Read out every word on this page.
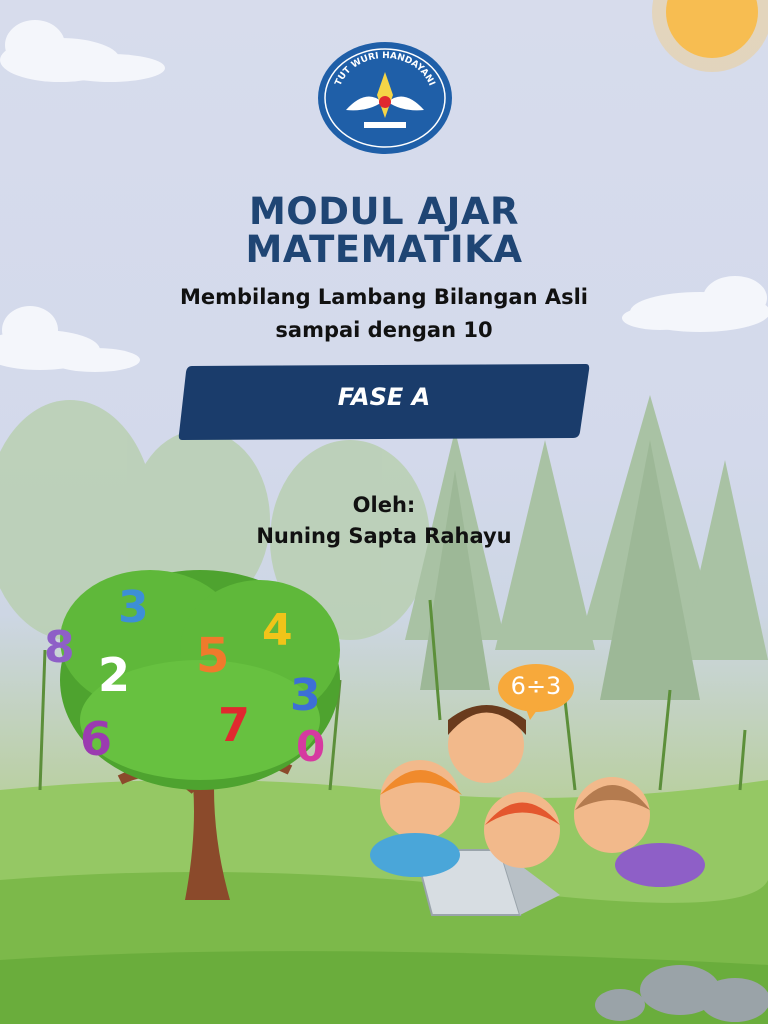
3	4
8
2 5
3
6 7 0
6÷3
TUT WURI HANDAYANI
MODUL AJAR
MATEMATIKA
Membilang Lambang Bilangan Asli
sampai dengan 10
FASE A
Oleh:
Nuning Sapta Rahayu
